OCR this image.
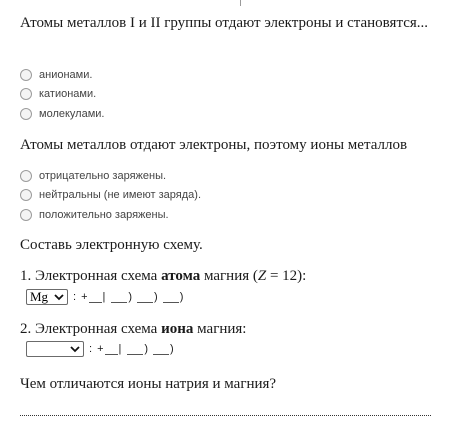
Атомы металлов I и II группы отдают электроны и становятся...
анионами.
катионами.
молекулами.
Атомы металлов отдают электроны, поэтому ионы металлов
отрицательно заряжены.
нейтральны (не имеют заряда).
положительно заряжены.
Составь электронную схему.
1. Электронная схема атома магния (Z = 12):
Mg : + | ) ) )
2. Электронная схема иона магния:
: + | ) )
Чем отличаются ионы натрия и магния?
